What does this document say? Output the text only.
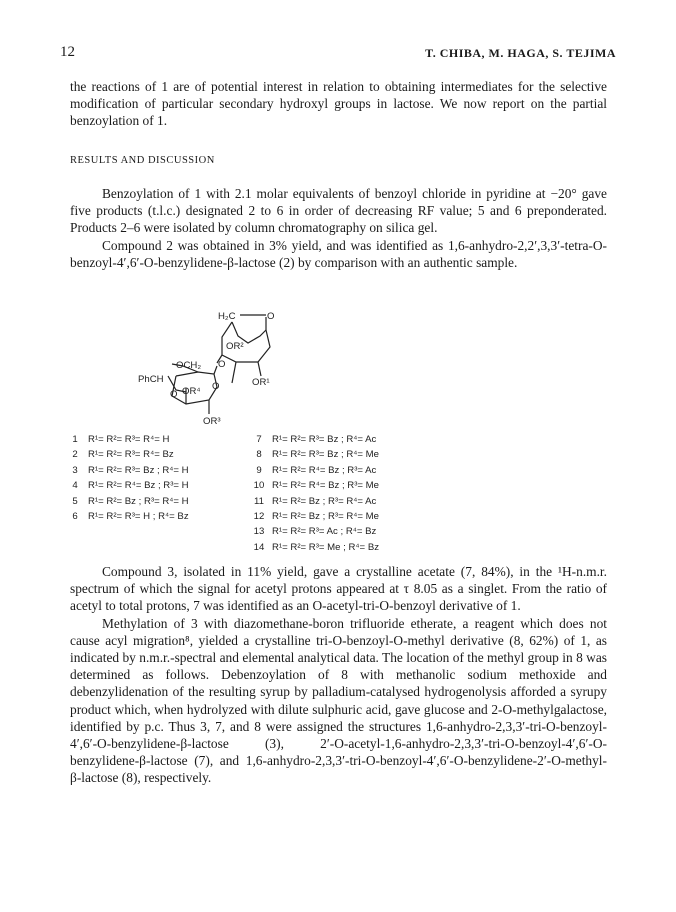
12	T. CHIBA, M. HAGA, S. TEJIMA

the reactions of 1 are of potential interest in relation to obtaining intermediates for the selective modification of particular secondary hydroxyl groups in lactose. We now report on the partial benzoylation of 1.

RESULTS AND DISCUSSION

Benzoylation of 1 with 2.1 molar equivalents of benzoyl chloride in pyridine at −20° gave five products (t.l.c.) designated 2 to 6 in order of decreasing RF value; 5 and 6 preponderated. Products 2–6 were isolated by column chromatography on silica gel.

Compound 2 was obtained in 3% yield, and was identified as 1,6-anhydro-2,2′,3,3′-tetra-O-benzoyl-4′,6′-O-benzylidene-β-lactose (2) by comparison with an authentic sample.

H₂C	O
OR²
OR¹
OCH₂
PhCH
O
O
O
OR⁴
OR³
1 R¹= R²= R³= R⁴= H
2 R¹= R²= R³= R⁴= Bz
3 R¹= R²= R³= Bz ; R⁴= H
4 R¹= R²= R⁴= Bz ; R³= H
5 R¹= R²= Bz ; R³= R⁴= H
6 R¹= R²= R³= H ; R⁴= Bz
7 R¹= R²= R³= Bz ; R⁴= Ac
8 R¹= R²= R³= Bz ; R⁴= Me
9 R¹= R²= R⁴= Bz ; R³= Ac
10 R¹= R²= R⁴= Bz ; R³= Me
11 R¹= R²= Bz ; R³= R⁴= Ac
12 R¹= R²= Bz ; R³= R⁴= Me
13 R¹= R²= R³= Ac ; R⁴= Bz
14 R¹= R²= R³= Me ; R⁴= Bz

Compound 3, isolated in 11% yield, gave a crystalline acetate (7, 84%), in the ¹H-n.m.r. spectrum of which the signal for acetyl protons appeared at τ 8.05 as a singlet. From the ratio of acetyl to total protons, 7 was identified as an O-acetyl-tri-O-benzoyl derivative of 1.

Methylation of 3 with diazomethane-boron trifluoride etherate, a reagent which does not cause acyl migration⁸, yielded a crystalline tri-O-benzoyl-O-methyl derivative (8, 62%) of 1, as indicated by n.m.r.-spectral and elemental analytical data. The location of the methyl group in 8 was determined as follows. Debenzoylation of 8 with methanolic sodium methoxide and debenzylidenation of the resulting syrup by palladium-catalysed hydrogenolysis afforded a syrupy product which, when hydrolyzed with dilute sulphuric acid, gave glucose and 2-O-methylgalactose, identified by p.c. Thus 3, 7, and 8 were assigned the structures 1,6-anhydro-2,3,3′-tri-O-benzoyl-4′,6′-O-benzylidene-β-lactose (3), 2′-O-acetyl-1,6-anhydro-2,3,3′-tri-O-benzoyl-4′,6′-O-benzylidene-β-lactose (7), and 1,6-anhydro-2,3,3′-tri-O-benzoyl-4′,6′-O-benzylidene-2′-O-methyl-β-lactose (8), respectively.
